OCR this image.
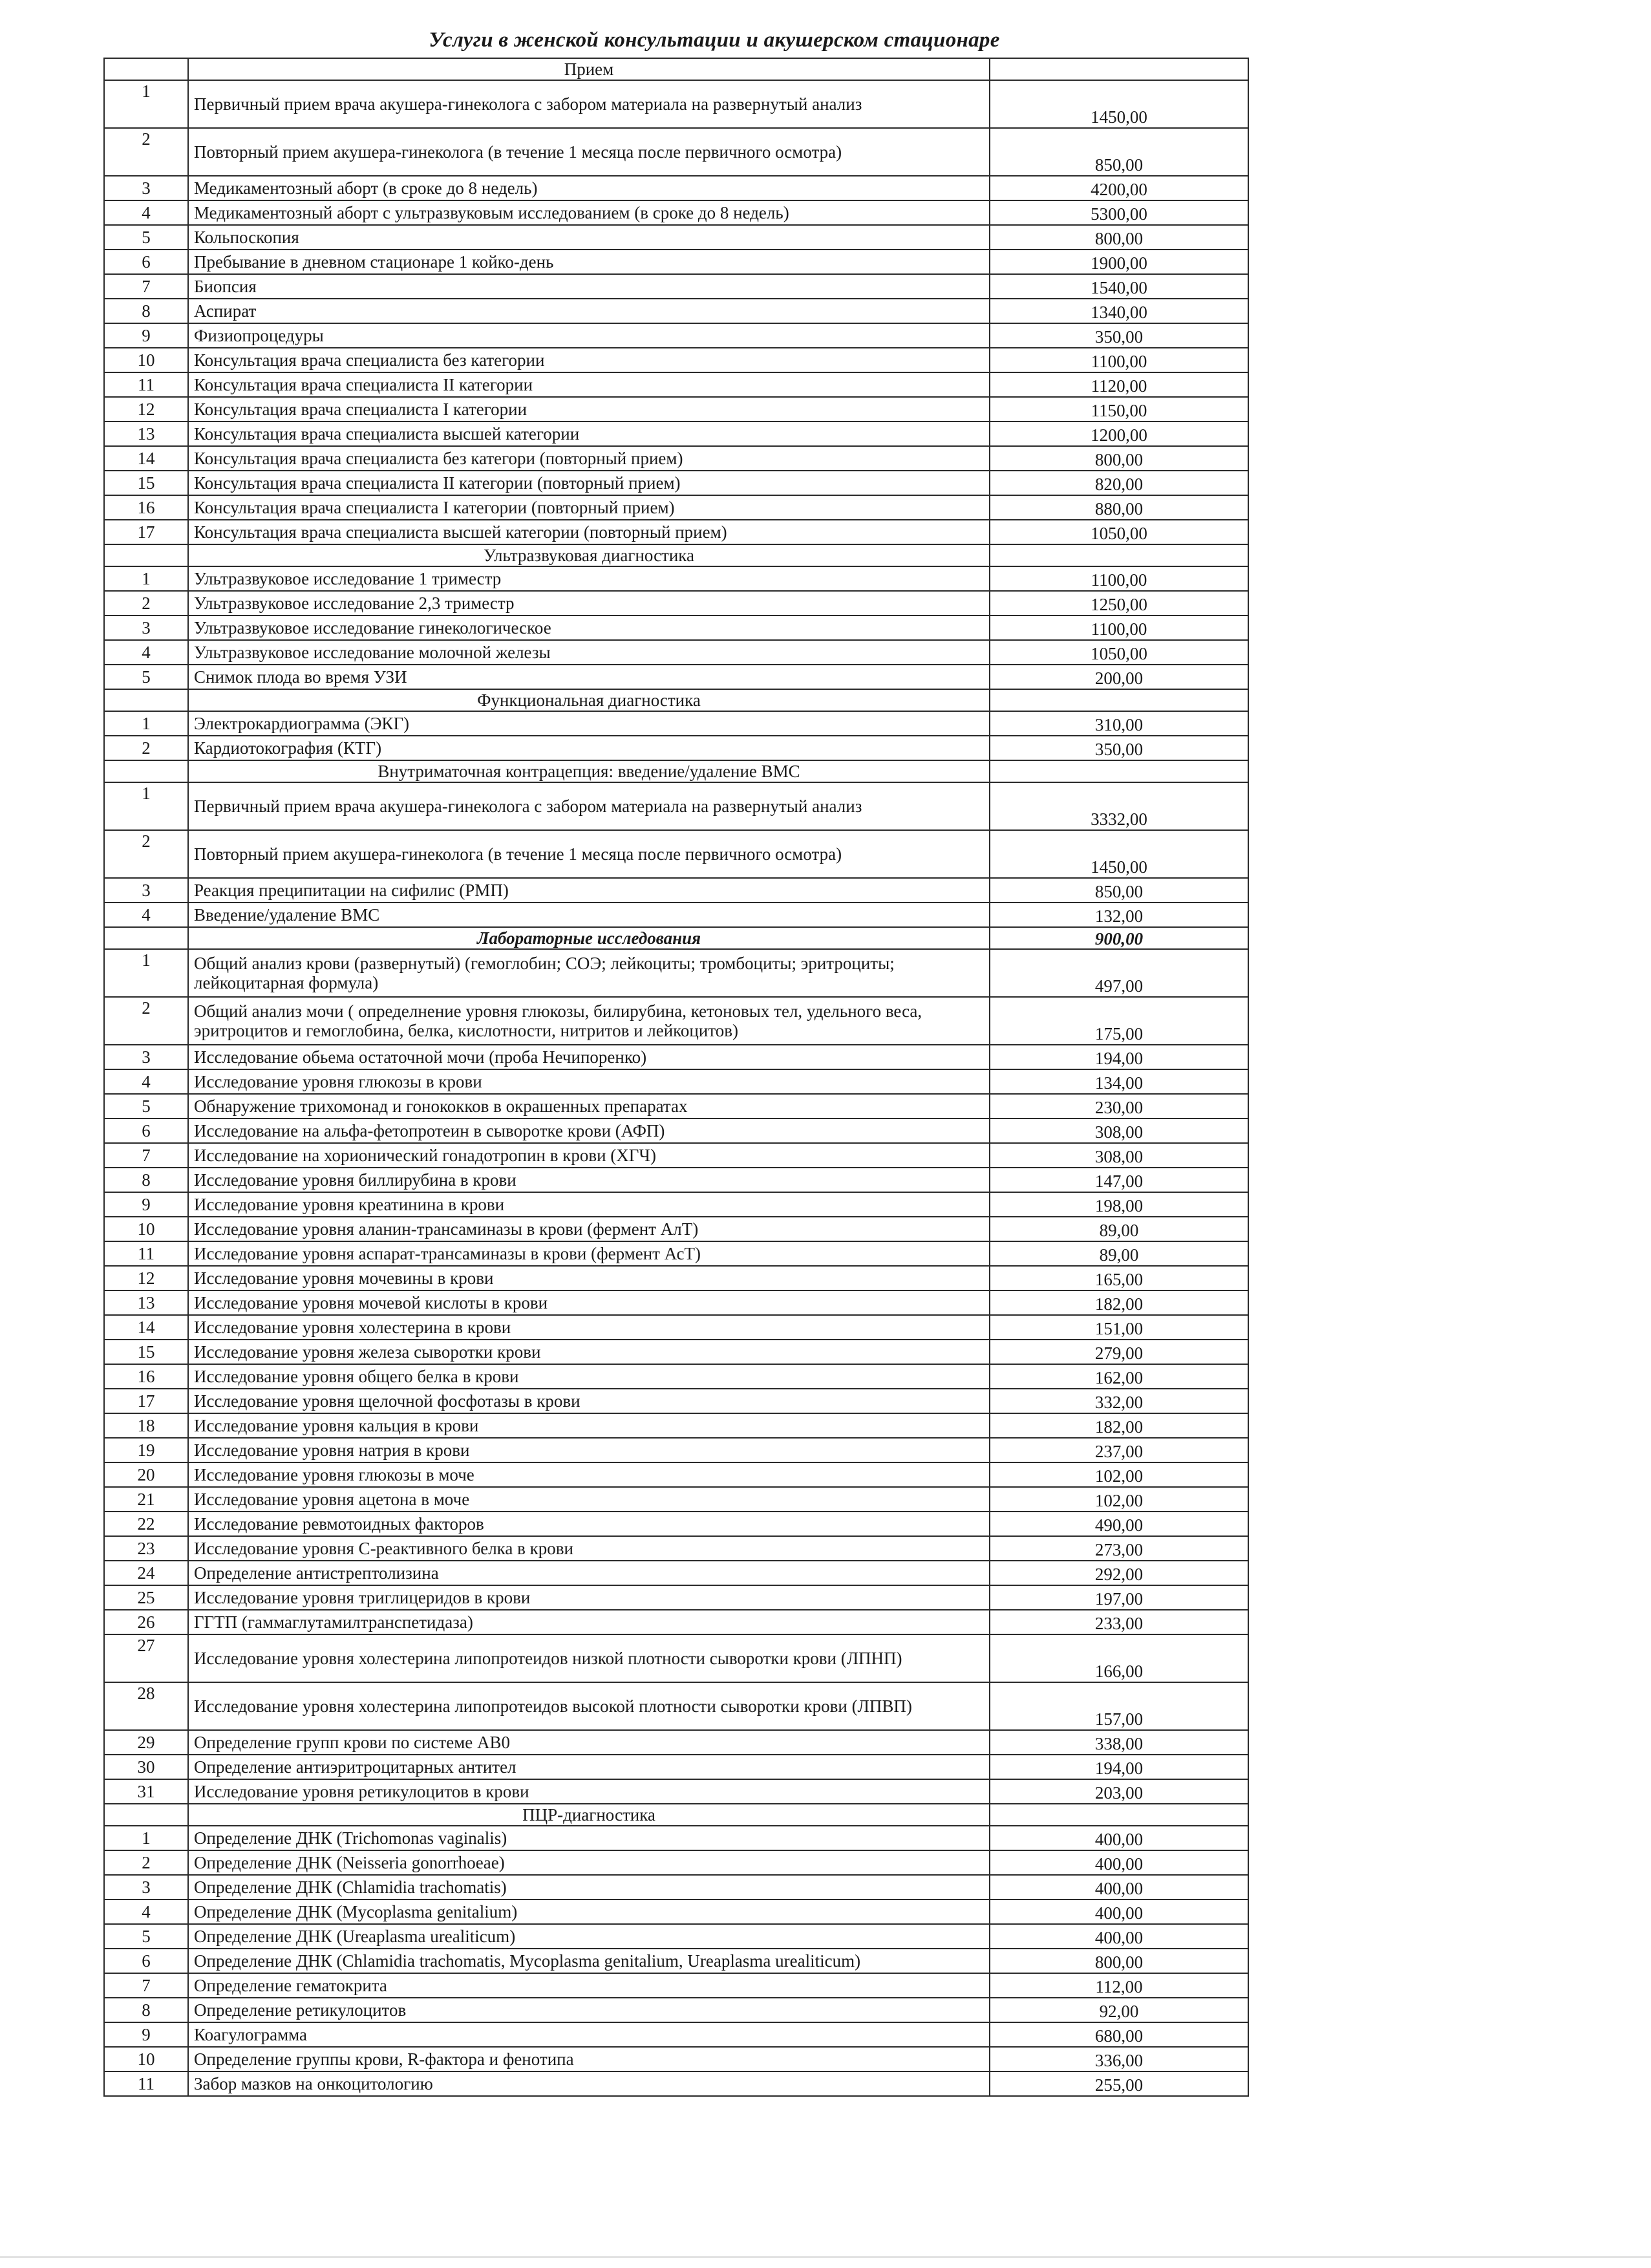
Услуги в женской консультации и акушерском стационаре
	Прием	
1	Первичный прием врача акушера-гинеколога с забором материала на развернутый анализ	1450,00
2	Повторный прием акушера-гинеколога (в течение 1 месяца после первичного осмотра)	850,00
3	Медикаментозный аборт (в сроке до 8 недель)	4200,00
4	Медикаментозный аборт с ультразвуковым исследованием (в сроке до 8 недель)	5300,00
5	Кольпоскопия	800,00
6	Пребывание в дневном стационаре 1 койко-день	1900,00
7	Биопсия	1540,00
8	Аспират	1340,00
9	Физиопроцедуры	350,00
10	Консультация врача специалиста без категории	1100,00
11	Консультация врача специалиста II категории	1120,00
12	Консультация врача специалиста I категории	1150,00
13	Консультация врача специалиста высшей категории	1200,00
14	Консультация врача специалиста без категори (повторный прием)	800,00
15	Консультация врача специалиста II категории (повторный прием)	820,00
16	Консультация врача специалиста I категории (повторный прием)	880,00
17	Консультация врача специалиста высшей категории (повторный прием)	1050,00
	Ультразвуковая диагностика	
1	Ультразвуковое исследование 1 триместр	1100,00
2	Ультразвуковое исследование 2,3 триместр	1250,00
3	Ультразвуковое исследование гинекологическое	1100,00
4	Ультразвуковое исследование молочной железы	1050,00
5	Снимок плода во время УЗИ	200,00
	Функциональная диагностика	
1	Электрокардиограмма (ЭКГ)	310,00
2	Кардиотокография (КТГ)	350,00
	Внутриматочная контрацепция: введение/удаление ВМС	
1	Первичный прием врача акушера-гинеколога с забором материала на развернутый анализ	3332,00
2	Повторный прием акушера-гинеколога (в течение 1 месяца после первичного осмотра)	1450,00
3	Реакция преципитации на сифилис (РМП)	850,00
4	Введение/удаление ВМС	132,00
	Лабораторные исследования	900,00
1	Общий анализ крови (развернутый) (гемоглобин; СОЭ; лейкоциты; тромбоциты; эритроциты; лейкоцитарная формула)	497,00
2	Общий анализ мочи ( определнение уровня глюкозы, билирубина, кетоновых тел, удельного веса, эритроцитов и гемоглобина, белка, кислотности, нитритов и лейкоцитов)	175,00
3	Исследование обьема остаточной мочи (проба Нечипоренко)	194,00
4	Исследование уровня глюкозы в крови	134,00
5	Обнаружение трихомонад и гонококков в окрашенных препаратах	230,00
6	Исследование на альфа-фетопротеин в сыворотке крови (АФП)	308,00
7	Исследование на хорионический гонадотропин в крови (ХГЧ)	308,00
8	Исследование уровня биллирубина в крови	147,00
9	Исследование уровня креатинина в крови	198,00
10	Исследование уровня аланин-трансаминазы в крови (фермент АлТ)	89,00
11	Исследование уровня аспарат-трансаминазы в крови (фермент АсТ)	89,00
12	Исследование уровня мочевины в крови	165,00
13	Исследование уровня мочевой кислоты в крови	182,00
14	Исследование уровня холестерина в крови	151,00
15	Исследование уровня железа сыворотки крови	279,00
16	Исследование уровня общего белка в крови	162,00
17	Исследование уровня щелочной фосфотазы в крови	332,00
18	Исследование уровня кальция в крови	182,00
19	Исследование уровня натрия в крови	237,00
20	Исследование уровня глюкозы в моче	102,00
21	Исследование уровня ацетона в моче	102,00
22	Исследование ревмотоидных факторов	490,00
23	Исследование уровня С-реактивного белка в крови	273,00
24	Определение антистрептолизина	292,00
25	Исследование уровня триглицеридов в крови	197,00
26	ГГТП (гаммаглутамилтранспетидаза)	233,00
27	Исследование уровня холестерина липопротеидов низкой плотности сыворотки крови (ЛПНП)	166,00
28	Исследование уровня холестерина липопротеидов высокой плотности сыворотки крови (ЛПВП)	157,00
29	Определение групп крови по системе АВ0	338,00
30	Определение антиэритроцитарных антител	194,00
31	Исследование уровня ретикулоцитов в крови	203,00
	ПЦР-диагностика	
1	Определение ДНК (Trichomonas vaginalis)	400,00
2	Определение ДНК (Neisseria gonorrhoeae)	400,00
3	Определение ДНК (Chlamidia trachomatis)	400,00
4	Определение ДНК (Mycoplasma genitalium)	400,00
5	Определение ДНК (Ureaplasma urealiticum)	400,00
6	Определение ДНК (Chlamidia trachomatis, Mycoplasma genitalium, Ureaplasma urealiticum)	800,00
7	Определение гематокрита	112,00
8	Определение ретикулоцитов	92,00
9	Коагулограмма	680,00
10	Определение группы крови, R-фактора и фенотипа	336,00
11	Забор мазков на онкоцитологию	255,00
